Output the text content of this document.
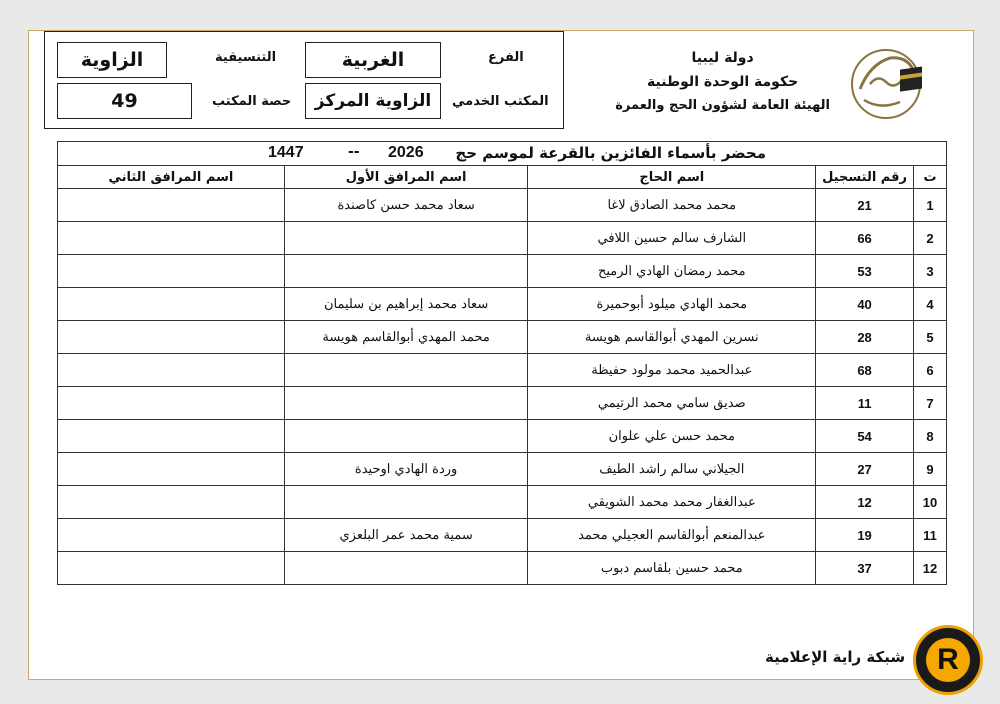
الزاوية	التنسيقية	الغربية	الفرع
49	حصة المكتب	الزاوية المركز	المكتب الخدمي
دولة ليبيا
حكومة الوحدة الوطنية
الهيئة العامة لشؤون الحج والعمرة
محضر بأسماء الفائزين بالقرعة لموسم حج
2026
--
1447
ت	رقم التسجيل	اسم الحاج	اسم المرافق الأول	اسم المرافق الثاني
1	21	محمد محمد الصادق لاغا	سعاد محمد حسن كاصندة	
2	66	الشارف سالم حسين اللافي		
3	53	محمد رمضان الهادي الرميح		
4	40	محمد الهادي ميلود أبوحميرة	سعاد محمد إبراهيم بن سليمان	
5	28	نسرين المهدي أبوالقاسم هويسة	محمد المهدي أبوالقاسم هويسة	
6	68	عبدالحميد محمد مولود حفيظة		
7	11	صديق سامي محمد الرتيمي		
8	54	محمد حسن علي علوان		
9	27	الجيلاني سالم راشد الطيف	وردة الهادي اوحيدة	
10	12	عبدالغفار محمد محمد الشويقي		
11	19	عبدالمنعم أبوالقاسم العجيلي محمد	سمية محمد عمر البلعزي	
12	37	محمد حسين بلقاسم دبوب		
شبكة راية الإعلامية	R
